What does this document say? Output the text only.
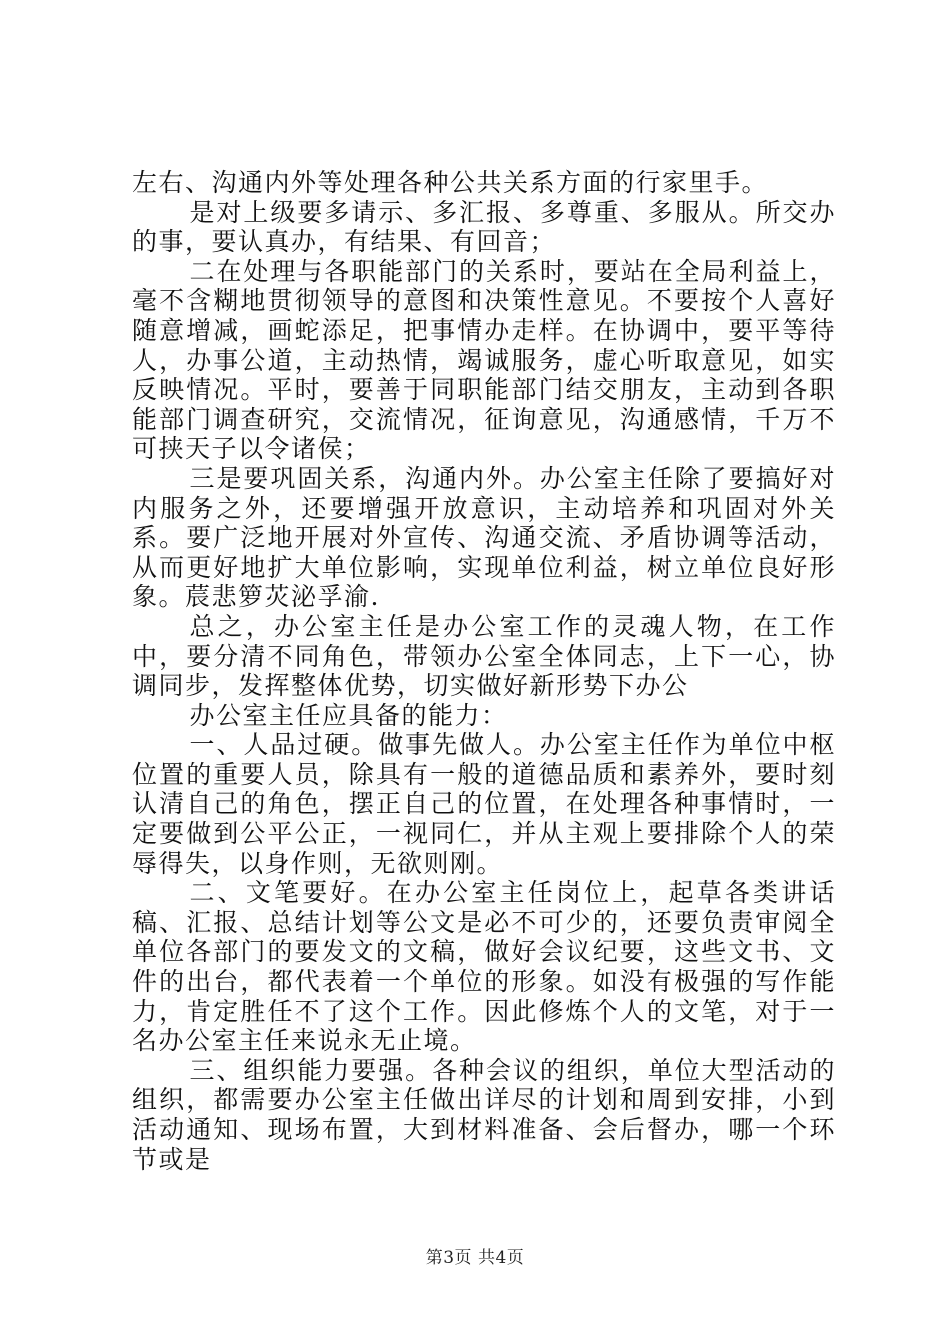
左右、沟通内外等处理各种公共关系方面的行家里手。

是对上级要多请示、多汇报、多尊重、多服从。所交办的事，要认真办，有结果、有回音；

二在处理与各职能部门的关系时，要站在全局利益上，毫不含糊地贯彻领导的意图和决策性意见。不要按个人喜好随意增减，画蛇添足，把事情办走样。在协调中，要平等待人，办事公道，主动热情，竭诚服务，虚心听取意见，如实反映情况。平时，要善于同职能部门结交朋友，主动到各职能部门调查研究，交流情况，征询意见，沟通感情，千万不可挟天子以令诸侯；

三是要巩固关系，沟通内外。办公室主任除了要搞好对内服务之外，还要增强开放意识，主动培养和巩固对外关系。要广泛地开展对外宣传、沟通交流、矛盾协调等活动，从而更好地扩大单位影响，实现单位利益，树立单位良好形象。莀悲箩苂泌孚渝.

总之，办公室主任是办公室工作的灵魂人物，在工作中，要分清不同角色，带领办公室全体同志，上下一心，协调同步，发挥整体优势，切实做好新形势下办公

办公室主任应具备的能力：

一、人品过硬。做事先做人。办公室主任作为单位中枢位置的重要人员，除具有一般的道德品质和素养外，要时刻认清自己的角色，摆正自己的位置，在处理各种事情时，一定要做到公平公正，一视同仁，并从主观上要排除个人的荣辱得失，以身作则，无欲则刚。

二、文笔要好。在办公室主任岗位上，起草各类讲话稿、汇报、总结计划等公文是必不可少的，还要负责审阅全单位各部门的要发文的文稿，做好会议纪要，这些文书、文件的出台，都代表着一个单位的形象。如没有极强的写作能力，肯定胜任不了这个工作。因此修炼个人的文笔，对于一名办公室主任来说永无止境。

三、组织能力要强。各种会议的组织，单位大型活动的组织，都需要办公室主任做出详尽的计划和周到安排，小到活动通知、现场布置，大到材料准备、会后督办，哪一个环节或是

第3页 共4页
